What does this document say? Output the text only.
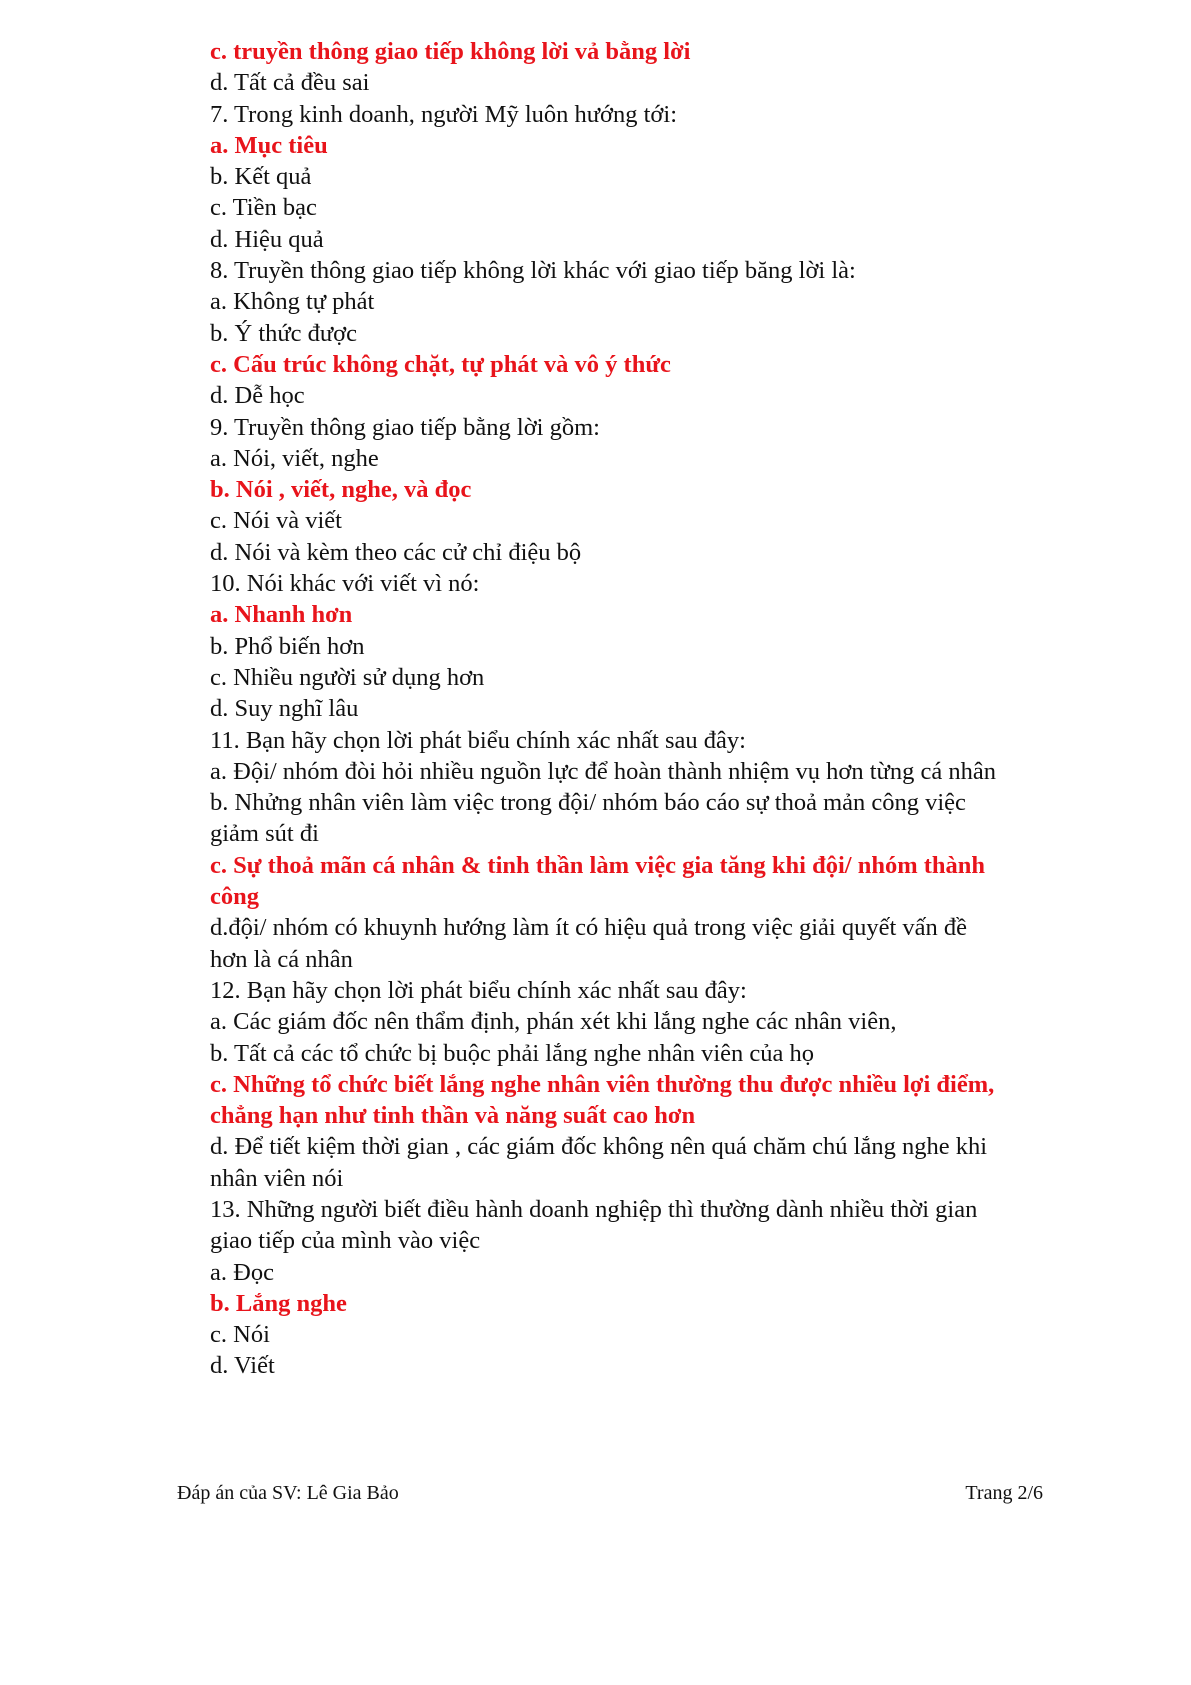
c. truyền thông giao tiếp không lời vả bằng lời
d. Tất cả đều sai
7. Trong kinh doanh, người Mỹ luôn hướng tới:
a. Mục tiêu
b. Kết quả
c. Tiền bạc
d. Hiệu quả
8. Truyền thông giao tiếp không lời khác với giao tiếp băng lời là:
a. Không tự phát
b. Ý thức được
c. Cấu trúc không chặt, tự phát và vô ý thức
d. Dễ học
9. Truyền thông giao tiếp bằng lời gồm:
a. Nói, viết, nghe
b. Nói , viết, nghe, và đọc
c. Nói và viết
d. Nói và kèm theo các cử chỉ điệu bộ
10. Nói khác với viết vì nó:
a. Nhanh hơn
b. Phổ biến hơn
c. Nhiều người sử dụng hơn
d. Suy nghĩ lâu
11. Bạn hãy chọn lời phát biểu chính xác nhất sau đây:
a. Đội/ nhóm đòi hỏi nhiều nguồn lực để hoàn thành nhiệm vụ hơn từng cá nhân
b. Nhửng nhân viên làm việc trong đội/ nhóm báo cáo sự thoả mản công việc
giảm sút đi
c. Sự thoả mãn cá nhân & tinh thần làm việc gia tăng khi đội/ nhóm thành
công
d.đội/ nhóm có khuynh hướng làm ít có hiệu quả trong việc giải quyết vấn đề
hơn là cá nhân
12. Bạn hãy chọn lời phát biểu chính xác nhất sau đây:
a. Các giám đốc nên thẩm định, phán xét khi lắng nghe các nhân viên,
b. Tất cả các tổ chức bị buộc phải lắng nghe nhân viên của họ
c. Những tổ chức biết lắng nghe nhân viên thường thu được nhiều lợi điểm,
chẳng hạn như tinh thần và năng suất cao hơn
d. Để tiết kiệm thời gian , các giám đốc không nên quá chăm chú lắng nghe khi
nhân viên nói
13. Những người biết điều hành doanh nghiệp thì thường dành nhiều thời gian
giao tiếp của mình vào việc
a. Đọc
b. Lắng nghe
c. Nói
d. Viết
Đáp án của SV: Lê Gia Bảo	Trang 2/6
